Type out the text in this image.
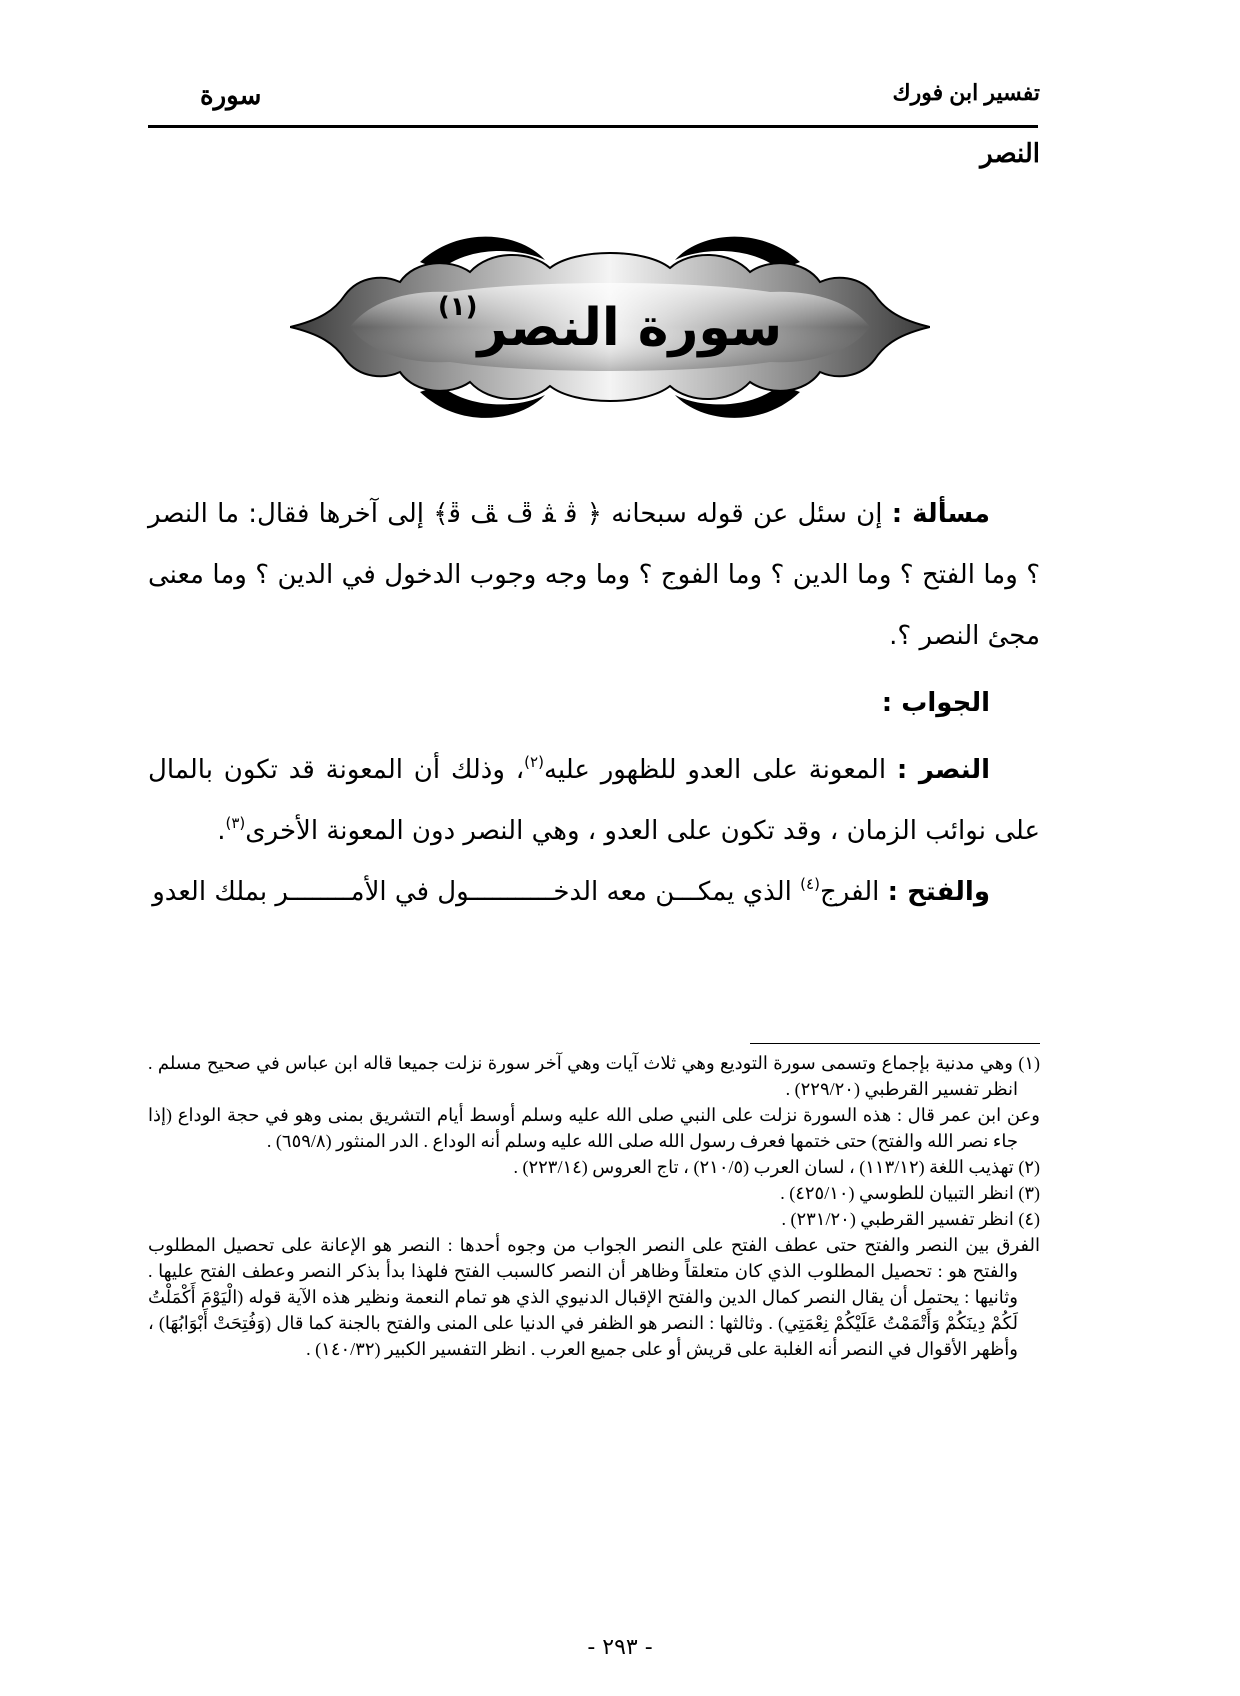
تفسير ابن فورك
سورة
النصر
سورة النصر$^{(١)}$

مسألة : إن سئل عن قوله سبحانه ﴿ ﭬ ﭭ ﭮ ﭯ ﭰ﴾ إلى آخرها فقال: ما النصر ؟ وما الفتح ؟ وما الدين ؟ وما الفوج ؟ وما وجه وجوب الدخول في الدين ؟ وما معنى مجئ النصر ؟.

الجواب :

النصر : المعونة على العدو للظهور عليه$^{(٢)}$، وذلك أن المعونة قد تكون بالمال على نوائب الزمان ، وقد تكون على العدو ، وهي النصر دون المعونة الأخرى$^{(٣)}$.

والفتح : الفرج$^{(٤)}$ الذي يمكـــن معه الدخـــــــــــول في الأمــــــــر بملك العدو

(١) وهي مدنية بإجماع وتسمى سورة التوديع وهي ثلاث آيات وهي آخر سورة نزلت جميعا قاله ابن عباس في صحيح مسلم . انظر تفسير القرطبي (٢٢٩/٢٠) .

وعن ابن عمر قال : هذه السورة نزلت على النبي صلى الله عليه وسلم أوسط أيام التشريق بمنى وهو في حجة الوداع (إذا جاء نصر الله والفتح) حتى ختمها فعرف رسول الله صلى الله عليه وسلم أنه الوداع . الدر المنثور (٦٥٩/٨) .

(٢) تهذيب اللغة (١١٣/١٢) ، لسان العرب (٢١٠/٥) ، تاج العروس (٢٢٣/١٤) .

(٣) انظر التبيان للطوسي (٤٢٥/١٠) .

(٤) انظر تفسير القرطبي (٢٣١/٢٠) .

الفرق بين النصر والفتح حتى عطف الفتح على النصر الجواب من وجوه أحدها : النصر هو الإعانة على تحصيل المطلوب والفتح هو : تحصيل المطلوب الذي كان متعلقاً وظاهر أن النصر كالسبب الفتح فلهذا بدأ بذكر النصر وعطف الفتح عليها . وثانيها : يحتمل أن يقال النصر كمال الدين والفتح الإقبال الدنيوي الذي هو تمام النعمة ونظير هذه الآية قوله (الْيَوْمَ أَكْمَلْتُ لَكُمْ دِينَكُمْ وَأَتْمَمْتُ عَلَيْكُمْ نِعْمَتِي) . وثالثها : النصر هو الظفر في الدنيا على المنى والفتح بالجنة كما قال (وَفُتِحَتْ أَبْوَابُهَا) ، وأظهر الأقوال في النصر أنه الغلبة على قريش أو على جميع العرب . انظر التفسير الكبير (١٤٠/٣٢) .

- ٢٩٣ -
